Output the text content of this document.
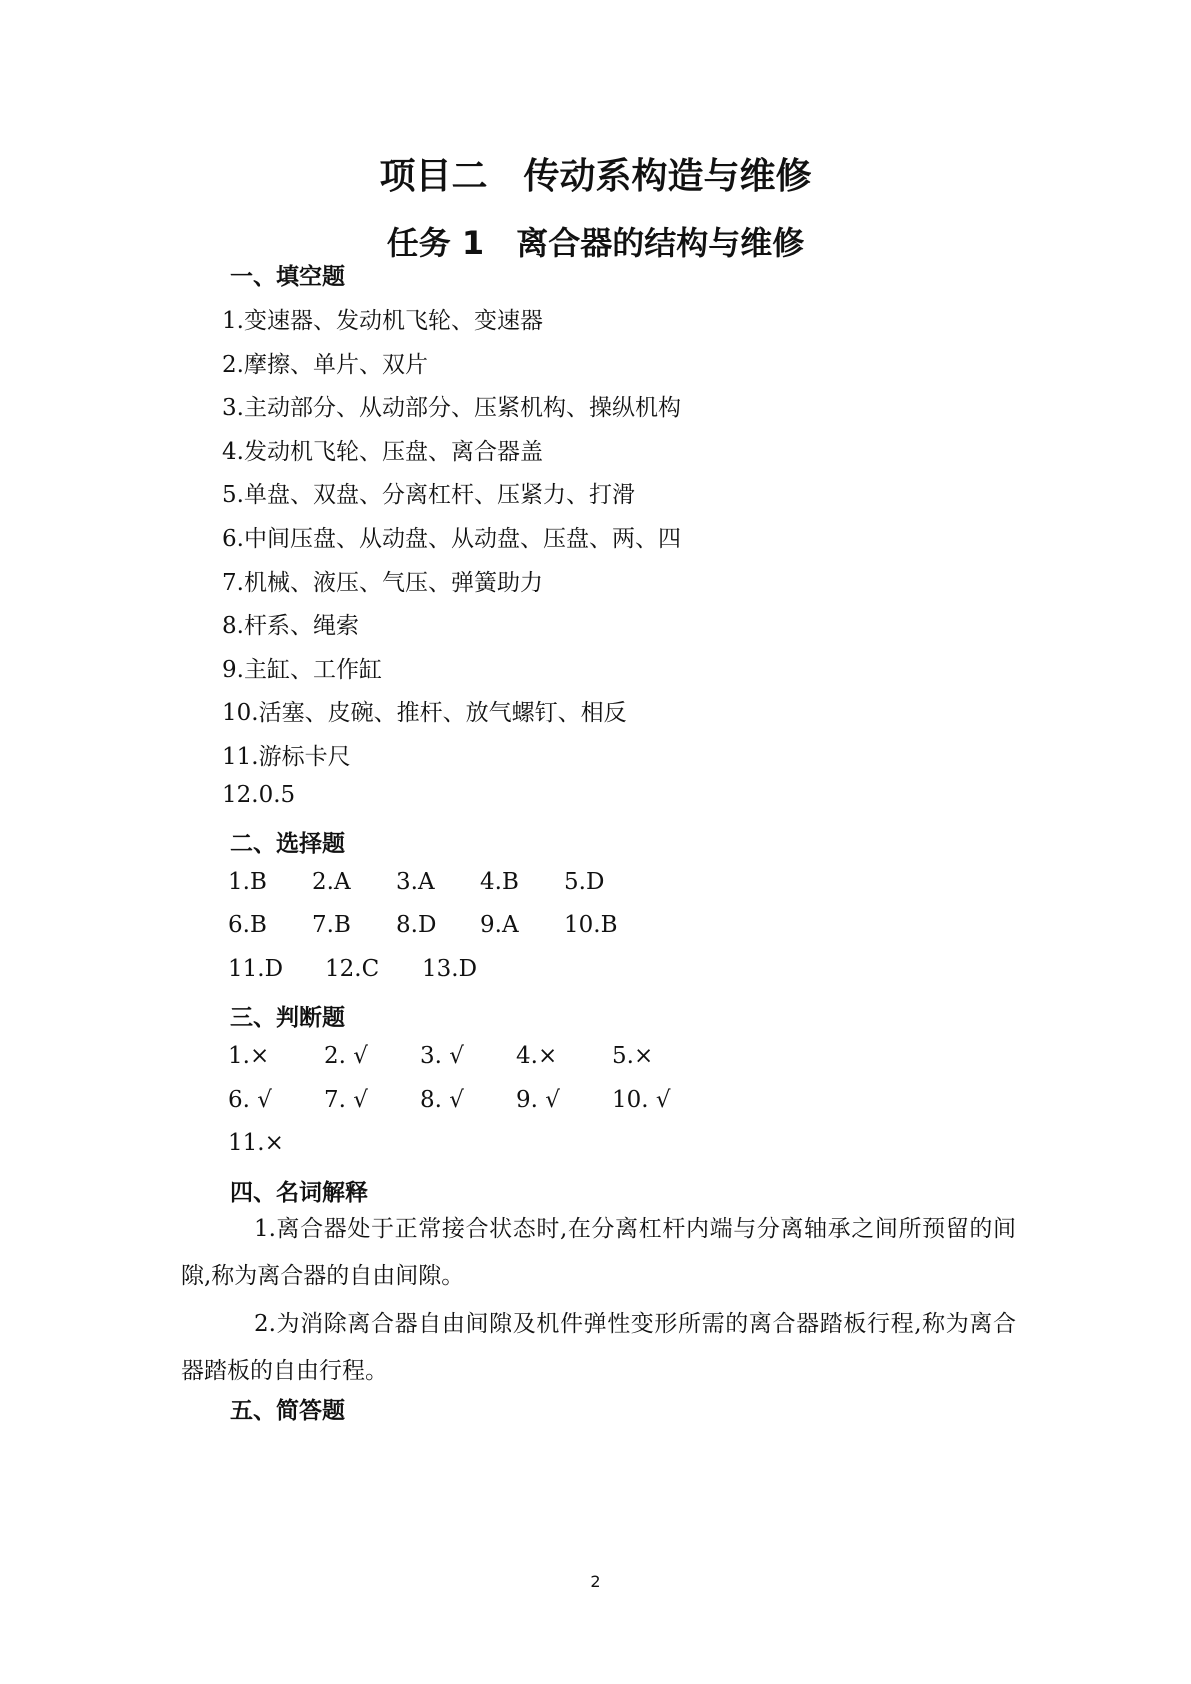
项目二　传动系构造与维修
任务 1　离合器的结构与维修
一、填空题
1.变速器、发动机飞轮、变速器
2.摩擦、单片、双片
3.主动部分、从动部分、压紧机构、操纵机构
4.发动机飞轮、压盘、离合器盖
5.单盘、双盘、分离杠杆、压紧力、打滑
6.中间压盘、从动盘、从动盘、压盘、两、四
7.机械、液压、气压、弹簧助力
8.杆系、绳索
9.主缸、工作缸
10.活塞、皮碗、推杆、放气螺钉、相反
11.游标卡尺
12.0.5
二、选择题
1.B 2.A 3.A 4.B 5.D
6.B 7.B 8.D 9.A 10.B
11.D 12.C 13.D
三、判断题
1.× 2. √ 3. √ 4.× 5.×
6. √ 7. √ 8. √ 9. √ 10. √
11.×
四、名词解释
1.离合器处于正常接合状态时,在分离杠杆内端与分离轴承之间所预留的间隙,称为离合器的自由间隙。
2.为消除离合器自由间隙及机件弹性变形所需的离合器踏板行程,称为离合器踏板的自由行程。
五、简答题
2
